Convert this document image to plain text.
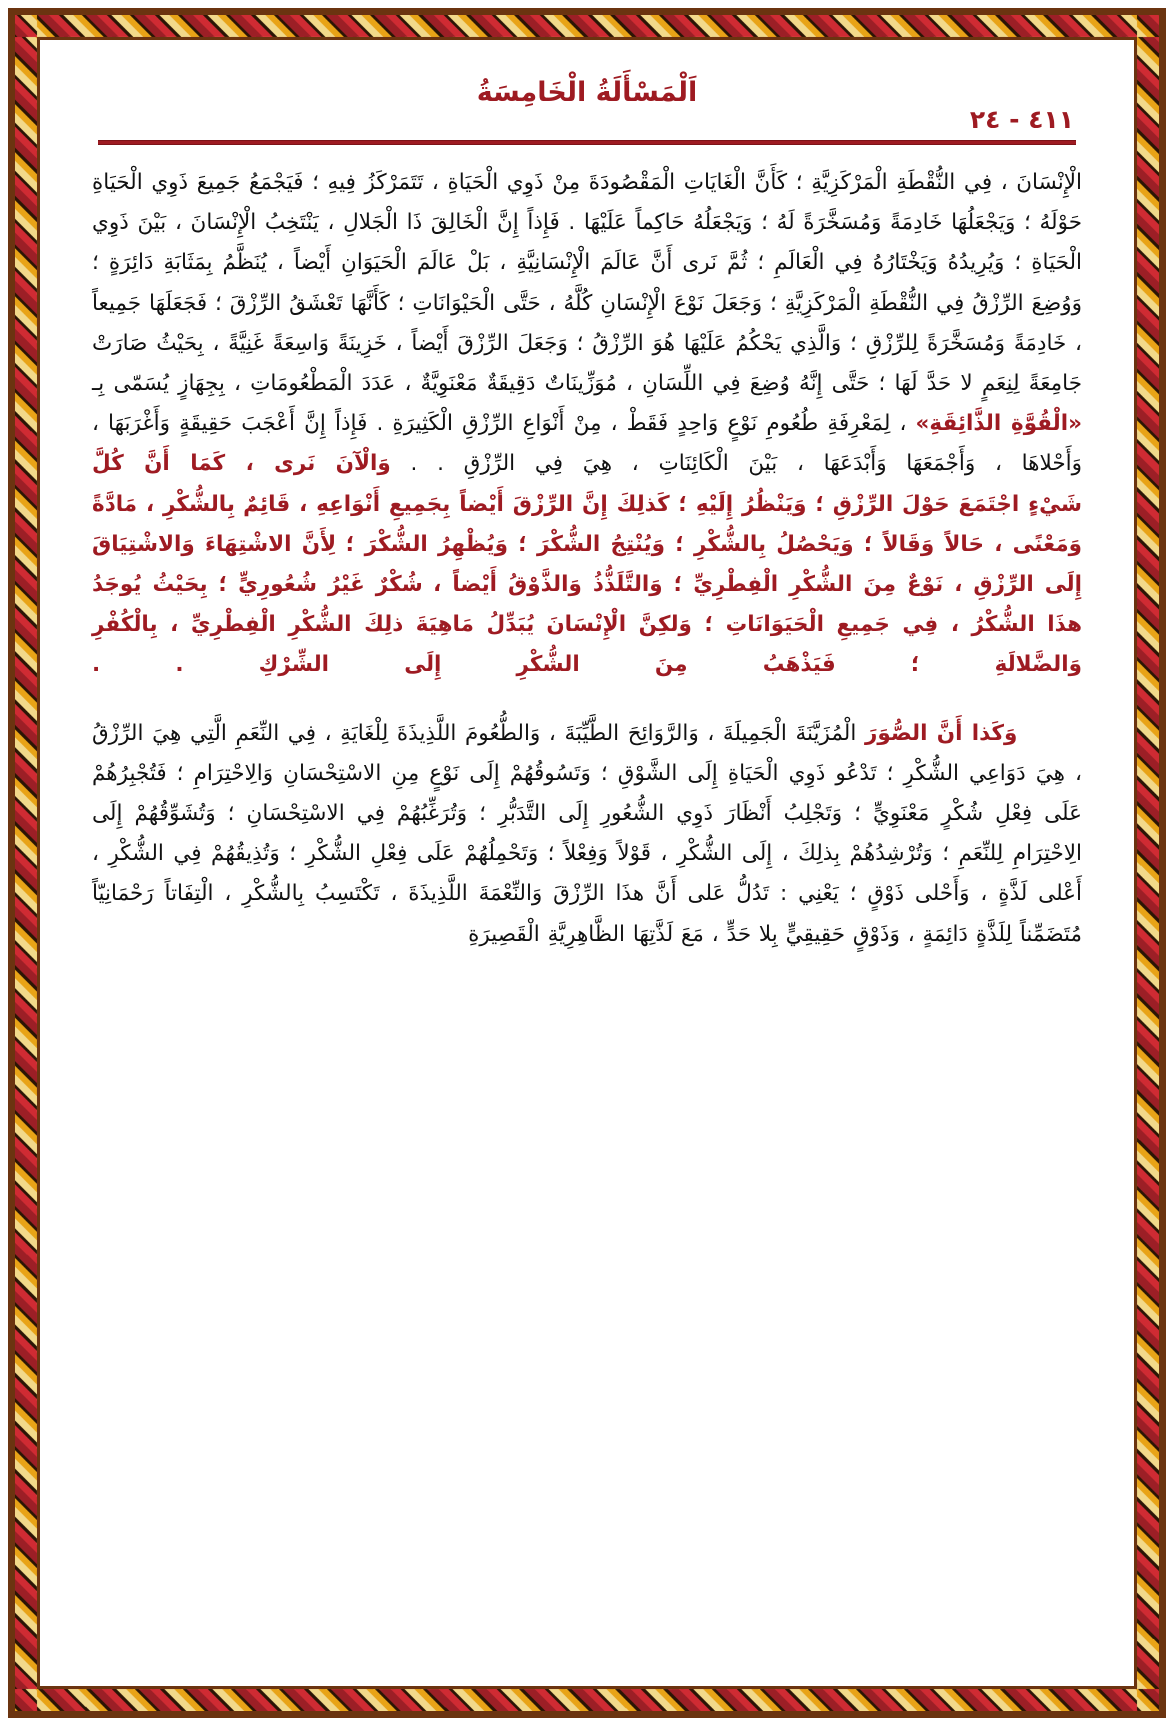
اَلْمَسْأَلَةُ الْخَامِسَةُ
٤١١ - ٢٤
الْإِنْسَانَ ، فِي النُّقْطَةِ الْمَرْكَزِيَّةِ ؛ كَأَنَّ الْغَايَاتِ الْمَقْصُودَةَ مِنْ ذَوِي الْحَيَاةِ ، تَتَمَرْكَزُ فِيهِ ؛ فَيَجْمَعُ جَمِيعَ ذَوِي الْحَيَاةِ حَوْلَهُ ؛ وَيَجْعَلُهَا خَادِمَةً وَمُسَخَّرَةً لَهُ ؛ وَيَجْعَلُهُ حَاكِماً عَلَيْهَا . فَإِذاً إِنَّ الْخَالِقَ ذَا الْجَلالِ ، يَنْتَخِبُ الْإِنْسَانَ ، بَيْنَ ذَوِي الْحَيَاةِ ؛ وَيُرِيدُهُ وَيَخْتَارُهُ فِي الْعَالَمِ ؛ ثُمَّ نَرى أَنَّ عَالَمَ الْإِنْسَانِيَّةِ ، بَلْ عَالَمَ الْحَيَوَانِ أَيْضاً ، يُنَظَّمُ بِمَثَابَةِ دَائِرَةٍ ؛ وَوُضِعَ الرِّزْقُ فِي النُّقْطَةِ الْمَرْكَزِيَّةِ ؛ وَجَعَلَ نَوْعَ الْإِنْسَانِ كُلَّهُ ، حَتَّى الْحَيْوَانَاتِ ؛ كَأَنَّهَا تَعْشَقُ الرِّزْقَ ؛ فَجَعَلَهَا جَمِيعاً ، خَادِمَةً وَمُسَخَّرَةً لِلرِّزْقِ ؛ وَالَّذِي يَحْكُمُ عَلَيْهَا هُوَ الرِّزْقُ ؛ وَجَعَلَ الرِّزْقَ أَيْضاً ، خَزِينَةً وَاسِعَةً غَنِيَّةً ، بِحَيْثُ صَارَتْ جَامِعَةً لِنِعَمٍ لا حَدَّ لَهَا ؛ حَتَّى إِنَّهُ وُضِعَ فِي اللِّسَانِ ، مُوَزِّينَاتٌ دَقِيقَةٌ مَعْنَوِيَّةٌ ، عَدَدَ الْمَطْعُومَاتِ ، بِجِهَازٍ يُسَمّى بِـ «الْقُوَّةِ الذَّائِقَةِ» ، لِمَعْرِفَةِ طُعُومِ نَوْعٍ وَاحِدٍ فَقَطْ ، مِنْ أَنْوَاعِ الرِّزْقِ الْكَثِيرَةِ . فَإِذاً إِنَّ أَعْجَبَ حَقِيقَةٍ وَأَغْرَبَهَا ، وَأَحْلاهَا ، وَأَجْمَعَهَا وَأَبْدَعَهَا ، بَيْنَ الْكَائِنَاتِ ، هِيَ فِي الرِّزْقِ . . وَالْآنَ نَرى ، كَمَا أَنَّ كُلَّ
شَيْءٍ اجْتَمَعَ حَوْلَ الرِّزْقِ ؛ وَيَنْظُرُ إِلَيْهِ ؛ كَذلِكَ إِنَّ الرِّزْقَ أَيْضاً بِجَمِيعِ أَنْوَاعِهِ ، قَائِمٌ بِالشُّكْرِ ، مَادَّةً وَمَعْنًى ، حَالاً وَقَالاً ؛ وَيَحْصُلُ بِالشُّكْرِ ؛ وَيُنْتِجُ الشُّكْرَ ؛ وَيُظْهِرُ الشُّكْرَ ؛ لِأَنَّ الاشْتِهَاءَ وَالاشْتِيَاقَ إِلَى الرِّزْقِ ، نَوْعٌ مِنَ الشُّكْرِ الْفِطْرِيِّ ؛ وَالتَّلَذُّذُ وَالذَّوْقُ أَيْضاً ، شُكْرٌ غَيْرُ شُعُورِيٍّ ؛ بِحَيْثُ يُوجَدُ هذَا الشُّكْرُ ، فِي جَمِيعِ الْحَيَوَانَاتِ ؛ وَلكِنَّ الْإِنْسَانَ يُبَدِّلُ مَاهِيَةَ ذلِكَ الشُّكْرِ الْفِطْرِيِّ ، بِالْكُفْرِ وَالضَّلالَةِ ؛ فَيَذْهَبُ مِنَ الشُّكْرِ إِلَى الشِّرْكِ . .
وَكَذا أَنَّ الصُّوَرَ الْمُزَيَّنَةَ الْجَمِيلَةَ ، وَالرَّوَائِحَ الطَّيِّبَةَ ، وَالطُّعُومَ اللَّذِيذَةَ لِلْغَايَةِ ، فِي النِّعَمِ الَّتِي هِيَ الرِّزْقُ ، هِيَ دَوَاعِي الشُّكْرِ ؛ تَدْعُو ذَوِي الْحَيَاةِ إِلَى الشَّوْقِ ؛ وَتَسُوقُهُمْ إِلَى نَوْعٍ مِنِ الاسْتِحْسَانِ وَالِاحْتِرَامِ ؛ فَتُجْبِرُهُمْ عَلَى فِعْلِ شُكْرٍ مَعْنَوِيٍّ ؛ وَتَجْلِبُ أَنْظَارَ ذَوِي الشُّعُورِ إِلَى التَّدَبُّرِ ؛ وَتُرَغِّبُهُمْ فِي الاسْتِحْسَانِ ؛ وَتُشَوِّقُهُمْ إِلَى الِاحْتِرَامِ لِلنِّعَمِ ؛ وَتُرْشِدُهُمْ بِذلِكَ ، إِلَى الشُّكْرِ ، قَوْلاً وَفِعْلاً ؛ وَتَحْمِلُهُمْ عَلَى فِعْلِ الشُّكْرِ ؛ وَتُذِيقُهُمْ فِي الشُّكْرِ ، أَعْلى لَذَّةٍ ، وَأَحْلى ذَوْقٍ ؛ يَعْنِي : تَدُلُّ عَلى أَنَّ هذَا الرِّزْقَ وَالنِّعْمَةَ اللَّذِيذَةَ ، تَكْتَسِبُ بِالشُّكْرِ ، الْتِفَاتاً رَحْمَانِيّاً مُتَضَمِّناً لِلَذَّةٍ دَائِمَةٍ ، وَذَوْقٍ حَقِيقِيٍّ بِلا حَدٍّ ، مَعَ لَذَّتِهَا الظَّاهِرِيَّةِ الْقَصِيرَةِ
